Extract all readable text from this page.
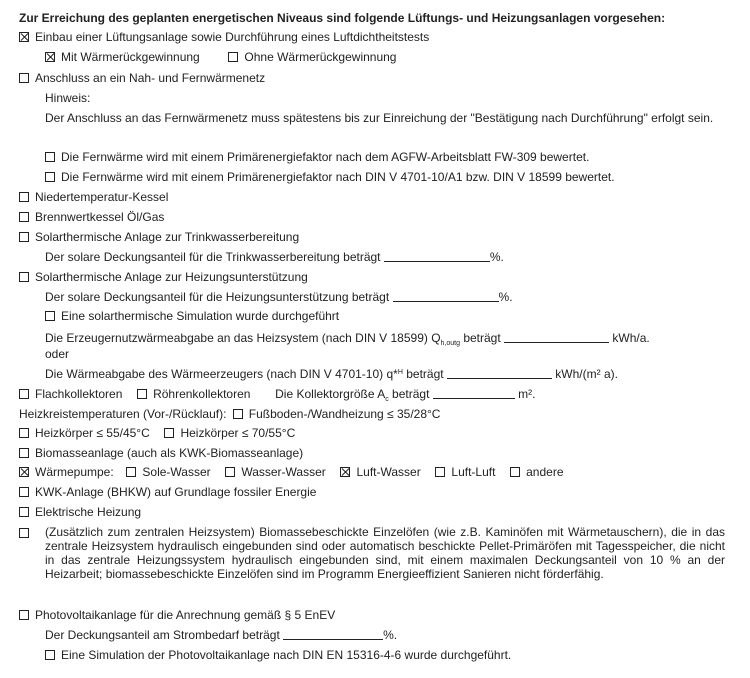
Zur Erreichung des geplanten energetischen Niveaus sind folgende Lüftungs- und Heizungsanlagen vorgesehen:
Einbau einer Lüftungsanlage sowie Durchführung eines Luftdichtheitstests
Mit Wärmerückgewinnung	Ohne Wärmerückgewinnung
Anschluss an ein Nah- und Fernwärmenetz
Hinweis:
Der Anschluss an das Fernwärmenetz muss spätestens bis zur Einreichung der "Bestätigung nach Durchführung" erfolgt sein.
Die Fernwärme wird mit einem Primärenergiefaktor nach dem AGFW-Arbeitsblatt FW-309 bewertet.
Die Fernwärme wird mit einem Primärenergiefaktor nach DIN V 4701-10/A1 bzw. DIN V 18599 bewertet.
Niedertemperatur-Kessel
Brennwertkessel Öl/Gas
Solarthermische Anlage zur Trinkwasserbereitung
Der solare Deckungsanteil für die Trinkwasserbereitung beträgt	%.
Solarthermische Anlage zur Heizungsunterstützung
Der solare Deckungsanteil für die Heizungsunterstützung beträgt	%.
Eine solarthermische Simulation wurde durchgeführt
Die Erzeugernutzwärmeabgabe an das Heizsystem (nach DIN V 18599) $Q_{h,outg}$ beträgt	kWh/a.
oder
Die Wärmeabgabe des Wärmeerzeugers (nach DIN V 4701-10) q*$^H$ beträgt	kWh/(m² a).
Flachkollektoren	Röhrenkollektoren Die Kollektorgröße $A_c$ beträgt	m².
Heizkreistemperaturen (Vor-/Rücklauf): Fußboden-/Wandheizung ≤ 35/28°C
Heizkörper ≤ 55/45°C	Heizkörper ≤ 70/55°C
Biomasseanlage (auch als KWK-Biomasseanlage)
Wärmepumpe: Sole-Wasser	Wasser-Wasser	Luft-Wasser	Luft-Luft	andere
KWK-Anlage (BHKW) auf Grundlage fossiler Energie
Elektrische Heizung
(Zusätzlich zum zentralen Heizsystem) Biomassebeschickte Einzelöfen (wie z.B. Kaminöfen mit Wärmetauschern), die in das zentrale Heizsystem hydraulisch eingebunden sind oder automatisch beschickte Pellet-Primäröfen mit Tagesspeicher, die nicht in das zentrale Heizungssystem hydraulisch eingebunden sind, mit einem maximalen Deckungsanteil von 10 % an der Heizarbeit; biomassebeschickte Einzelöfen sind im Programm Energieeffizient Sanieren nicht förderfähig.
Photovoltaikanlage für die Anrechnung gemäß § 5 EnEV
Der Deckungsanteil am Strombedarf beträgt	%.
Eine Simulation der Photovoltaikanlage nach DIN EN 15316-4-6 wurde durchgeführt.
